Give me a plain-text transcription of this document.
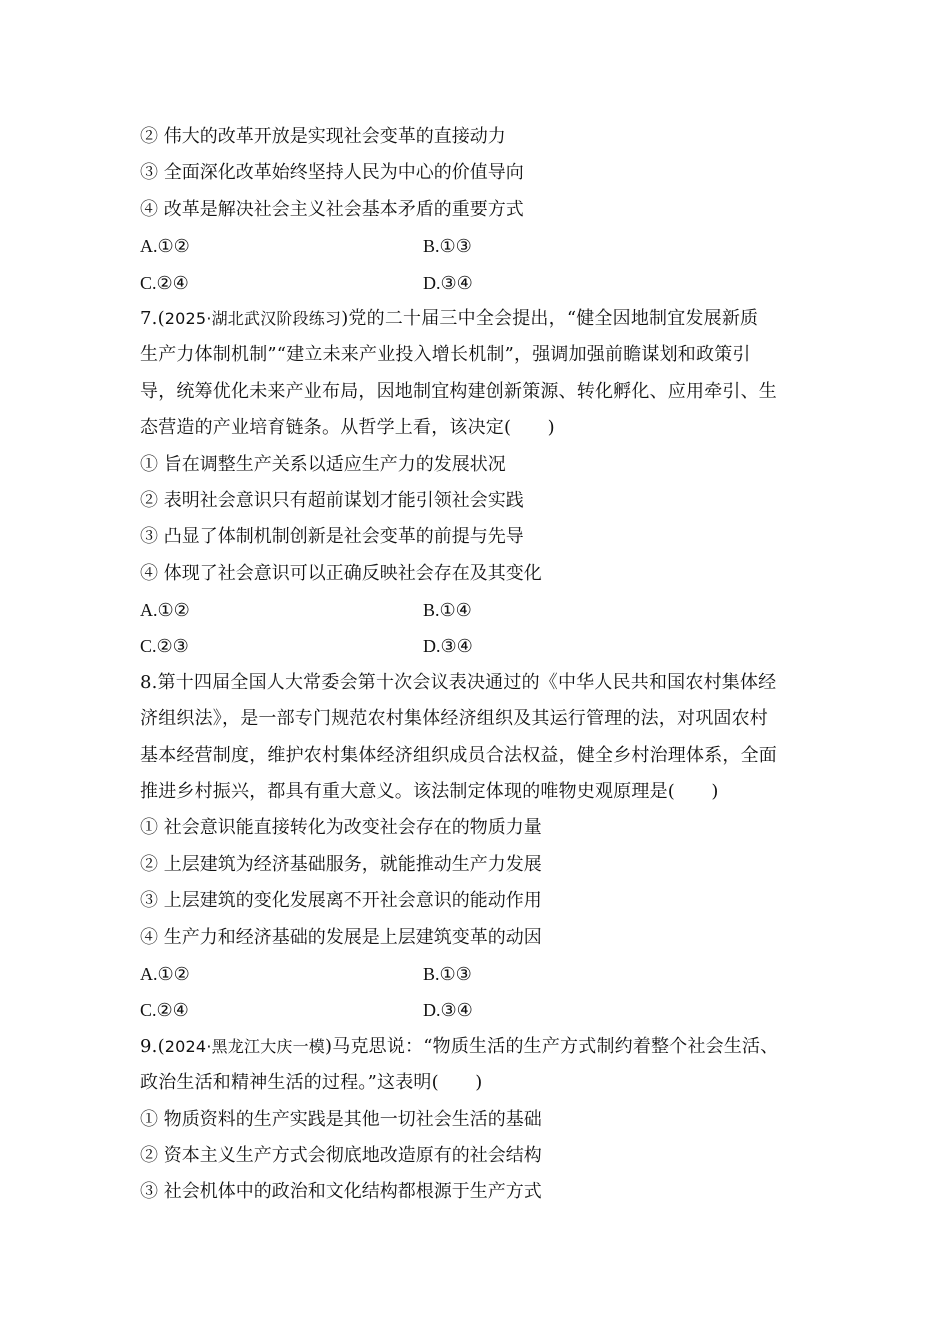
② 伟大的改革开放是实现社会变革的直接动力
③ 全面深化改革始终坚持人民为中心的价值导向
④ 改革是解决社会主义社会基本矛盾的重要方式
A.①②	B.①③
C.②④	D.③④
7.(2025·湖北武汉阶段练习)党的二十届三中全会提出，“健全因地制宜发展新质
生产力体制机制”“建立未来产业投入增长机制”，强调加强前瞻谋划和政策引
导，统筹优化未来产业布局，因地制宜构建创新策源、转化孵化、应用牵引、生
态营造的产业培育链条。从哲学上看，该决定(　　)
① 旨在调整生产关系以适应生产力的发展状况
② 表明社会意识只有超前谋划才能引领社会实践
③ 凸显了体制机制创新是社会变革的前提与先导
④ 体现了社会意识可以正确反映社会存在及其变化
A.①②	B.①④
C.②③	D.③④
8.第十四届全国人大常委会第十次会议表决通过的《中华人民共和国农村集体经
济组织法》，是一部专门规范农村集体经济组织及其运行管理的法，对巩固农村
基本经营制度，维护农村集体经济组织成员合法权益，健全乡村治理体系，全面
推进乡村振兴，都具有重大意义。该法制定体现的唯物史观原理是(　　)
① 社会意识能直接转化为改变社会存在的物质力量
② 上层建筑为经济基础服务，就能推动生产力发展
③ 上层建筑的变化发展离不开社会意识的能动作用
④ 生产力和经济基础的发展是上层建筑变革的动因
A.①②	B.①③
C.②④	D.③④
9.(2024·黑龙江大庆一模)马克思说：“物质生活的生产方式制约着整个社会生活、
政治生活和精神生活的过程。”这表明(　　)
① 物质资料的生产实践是其他一切社会生活的基础
② 资本主义生产方式会彻底地改造原有的社会结构
③ 社会机体中的政治和文化结构都根源于生产方式
